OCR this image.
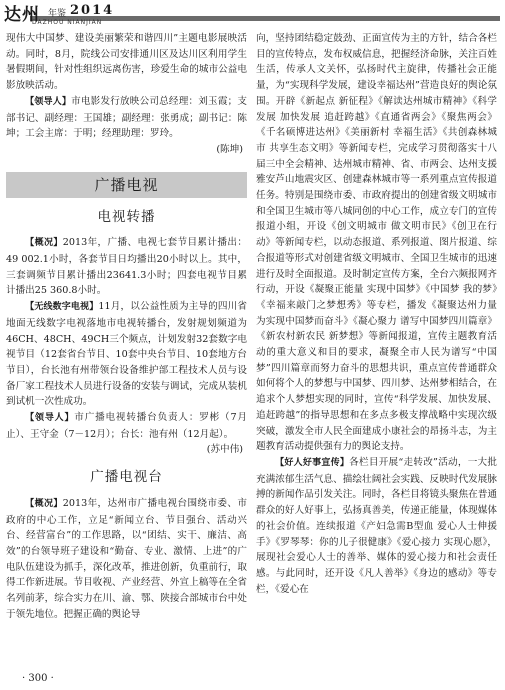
达州 年鉴 2014
DAZHOU NIANJIAN

现伟大中国梦、建设美丽繁荣和谐四川”主题电影展映活动。同时，8月，院线公司安排通川区及达川区利用学生暑假期间，针对性组织远离伤害，珍爱生命的城市公益电影放映活动。

【领导人】市电影发行放映公司总经理：刘玉霞；支部书记、副经理：王国雄；副经理：张勇成；副书记：陈坤；工会主席：于明；经理助理：罗玲。

(陈坤)

广播电视
电视转播

【概况】2013年，广播、电视七套节目累计播出：49 002.1小时，各套节目日均播出20小时以上。其中，三套调频节目累计播出23641.3小时；四套电视节目累计播出25 360.8小时。

【无线数字电视】11月，以公益性质为主导的四川省地面无线数字电视落地市电视转播台，发射规划频道为46CH、48CH、49CH三个频点，计划发射32套数字电视节目（12套省台节目、10套中央台节目、10套地方台节目），台长池有州带领台设备维护部工程技术人员与设备厂家工程技术人员进行设备的安装与调试，完成从装机到试机一次性成功。

【领导人】市广播电视转播台负责人：罗彬（7月止）、王守金（7－12月）；台长：池有州（12月起）。

(苏中伟)

广播电视台

【概况】2013年，达州市广播电视台围绕市委、市政府的中心工作，立足“新闻立台、节目强台、活动兴台、经营富台”的工作思路，以“团结、实干、廉洁、高效”的台领导班子建设和“勤奋、专业、激情、上进”的广电队伍建设为抓手，深化改革，推进创新，负重前行，取得工作新进展。节目收视、产业经营、外宣上稿等在全省名列前茅，综合实力在川、渝、鄂、陕接合部城市台中处于领先地位。把握正确的舆论导

向，坚持团结稳定鼓劲、正面宣传为主的方针，结合各栏目的宣传特点，发布权威信息，把握经济命脉，关注百姓生活，传承人文关怀，弘扬时代主旋律，传播社会正能量，为“实现科学发展，建设幸福达州”营造良好的舆论氛围。开辟《新起点 新征程》《解读达州城市精神》《科学发展 加快发展 追赶跨越》《直通省两会》《聚焦两会》《千名硕博进达州》《美丽新村 幸福生活》《共创森林城市 共享生态文明》等新闻专栏，完成学习贯彻落实十八届三中全会精神、达州城市精神、省、市两会、达州支援雅安芦山地震灾区、创建森林城市等一系列重点宣传报道任务。特别是围绕市委、市政府提出的创建省级文明城市和全国卫生城市等八城同创的中心工作，成立专门的宣传报道小组，开设《创文明城市 做文明市民》《创卫在行动》等新闻专栏，以动态报道、系列报道、图片报道、综合报道等形式对创建省级文明城市、全国卫生城市的迅速进行及时全面报道。及时制定宣传方案，全台六频报网齐行动，开设《凝聚正能量 实现中国梦》《中国梦 我的梦》《幸福来敲门之梦想秀》等专栏，播发《凝聚达州力量 为实现中国梦而奋斗》《凝心聚力 谱写中国梦四川篇章》《新农村新农民 新梦想》等新闻报道，宣传主题教育活动的重大意义和目的要求，凝聚全市人民为谱写“中国梦”四川篇章而努力奋斗的思想共识，重点宣传普通群众如何将个人的梦想与中国梦、四川梦、达州梦相结合，在追求个人梦想实现的同时，宣传“科学发展、加快发展、追赶跨越”的指导思想和在多点多极支撑战略中实现次级突破，激发全市人民全面建成小康社会的昂扬斗志，为主题教育活动提供强有力的舆论支持。

【好人好事宣传】各栏目开展“走转改”活动，一大批充满浓郁生活气息、描绘壮阔社会实践、反映时代发展脉搏的新闻作品引发关注。同时，各栏目将镜头聚焦在普通群众的好人好事上，弘扬真善美，传递正能量，体现媒体的社会价值。连续报道《产妇急需B型血 爱心人士伸援手》《罗琴琴：你的儿子很健康》《爱心接力 实现心愿》，展现社会爱心人士的善举、媒体的爱心接力和社会责任感。与此同时，还开设《凡人善举》《身边的感动》等专栏，《爱心在

· 300 ·
